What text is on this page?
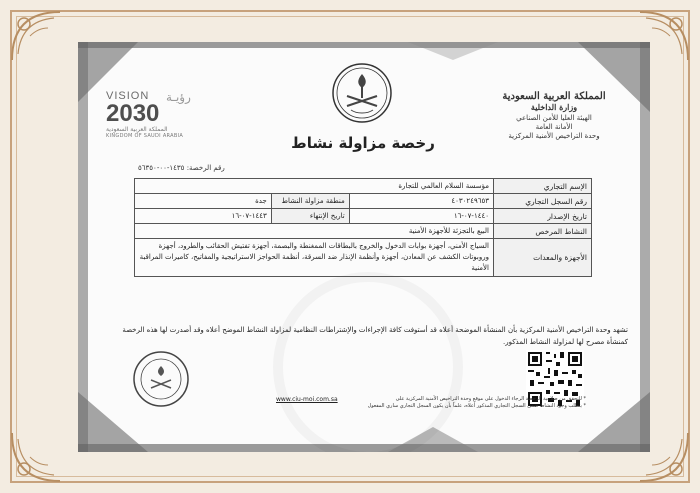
رؤيـة
VISION
2030
المملكة العربية السعودية
KINGDOM OF SAUDI ARABIA	رخصة مزاولة نشاط
المملكة العربية السعودية
وزارة الداخلية
الهيئة العليا للأمن الصناعي
الأمانة العامة
وحدة التراخيص الأمنية المركزية
رقم الرخصة: ١٤٣٥-٠٠-٥٦٣٥٠
الإسم التجاري	مؤسسة السلام العالمي للتجارة		
رقم السجل التجاري	٤٠٣٠٢٤٩٦٥٣	منطقة مزاولة النشاط	جدة
تاريخ الإصدار	١٤٤٠-٠٧-١٦	تاريخ الإنتهاء	١٤٤٣-٠٧-١٦
النشاط المرخص	البيع بالتجزئة للأجهزة الأمنية		
الأجهزة والمعدات	السياج الأمني، أجهزة بوابات الدخول والخروج بالبطاقات الممغنطة والبصمة، أجهزة تفتيش الحقائب والطرود، أجهزة وروبوتات الكشف عن المعادن، أجهزة وأنظمة الإنذار ضد السرقة، أنظمة الحواجز الاستراتيجية والمفاتيح، كاميرات المراقبة الأمنية		
تشهد وحدة التراخيص الأمنية المركزية بأن المنشأة الموضحة أعلاه قد أستوفت كافة الإجراءات والإشتراطات النظامية لمزاولة النشاط الموضح أعلاه وقد أصدرت لها هذه الرخصة كمنشأة مصرح لها لمزاولة النشاط المذكور.
* للتحقق من صلاحية الرخصة الرجاء الدخول على موقع وحدة التراخيص الأمنية المركزية على
* يتطلب وجود النشاط ضمن السجل التجاري المذكور أعلاه، علماً بأن يكون السجل التجاري ساري المفعول
www.ciu-moi.com.sa
